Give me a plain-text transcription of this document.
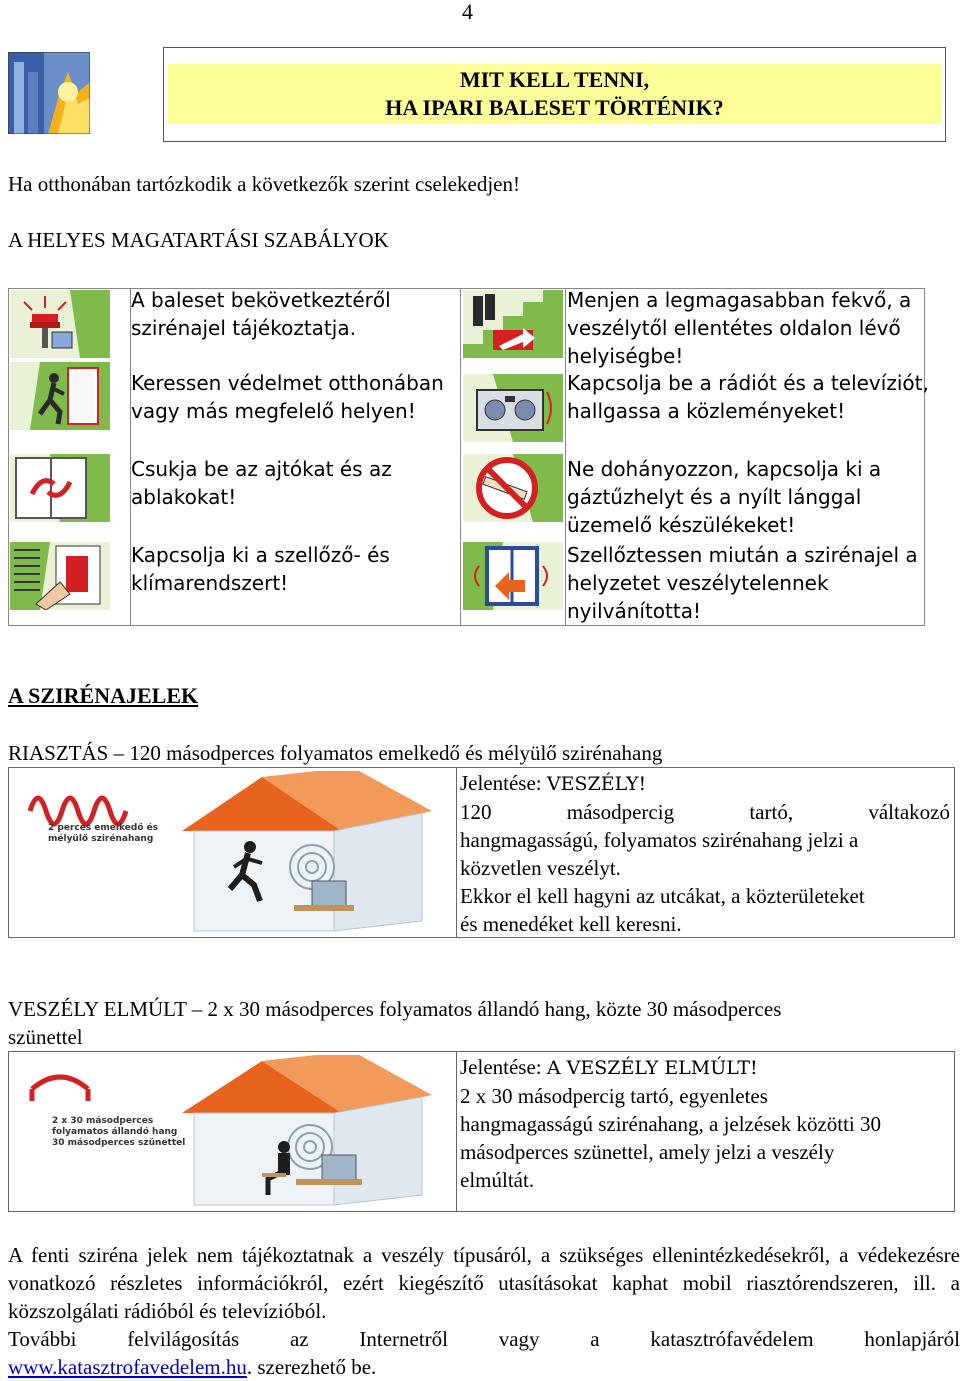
4
MIT KELL TENNI,
HA IPARI BALESET TÖRTÉNIK?
Ha otthonában tartózkodik a következők szerint cselekedjen!
A HELYES MAGATARTÁSI SZABÁLYOK
A baleset bekövetkeztéről
szirénajel tájékoztatja.
Keressen védelmet otthonában
vagy más megfelelő helyen!
Csukja be az ajtókat és az
ablakokat!
Kapcsolja ki a szellőző- és
klímarendszert!
Menjen a legmagasabban fekvő, a
veszélytől ellentétes oldalon lévő
helyiségbe!
Kapcsolja be a rádiót és a televíziót,
hallgassa a közleményeket!
Ne dohányozzon, kapcsolja ki a
gáztűzhelyt és a nyílt lánggal
üzemelő készülékeket!
Szellőztessen miután a szirénajel a
helyzetet veszélytelennek
nyilvánította!
A SZIRÉNAJELEK
RIASZTÁS – 120 másodperces folyamatos emelkedő és mélyülő szirénahang
2 perces emelkedő és
mélyülő szirénahang
Jelentése: VESZÉLY!
120 másodpercig tartó, váltakozó
hangmagasságú, folyamatos szirénahang jelzi a
közvetlen veszélyt.
Ekkor el kell hagyni az utcákat, a közterületeket
és menedéket kell keresni.
VESZÉLY ELMÚLT – 2 x 30 másodperces folyamatos állandó hang, közte 30 másodperces
szünettel
2 x 30 másodperces
folyamatos állandó hang
30 másodperces szünettel
Jelentése: A VESZÉLY ELMÚLT!
2 x 30 másodpercig tartó, egyenletes
hangmagasságú szirénahang, a jelzések közötti 30
másodperces szünettel, amely jelzi a veszély
elmúltát.
A fenti sziréna jelek nem tájékoztatnak a veszély típusáról, a szükséges ellenintézkedésekről, a védekezésre vonatkozó részletes információkról, ezért kiegészítő utasításokat kaphat mobil riasztórendszeren, ill. a közszolgálati rádióból és televízióból.
További felvilágosítás az Internetről vagy a katasztrófavédelem honlapjáról
www.katasztrofavedelem.hu. szerezhető be.
